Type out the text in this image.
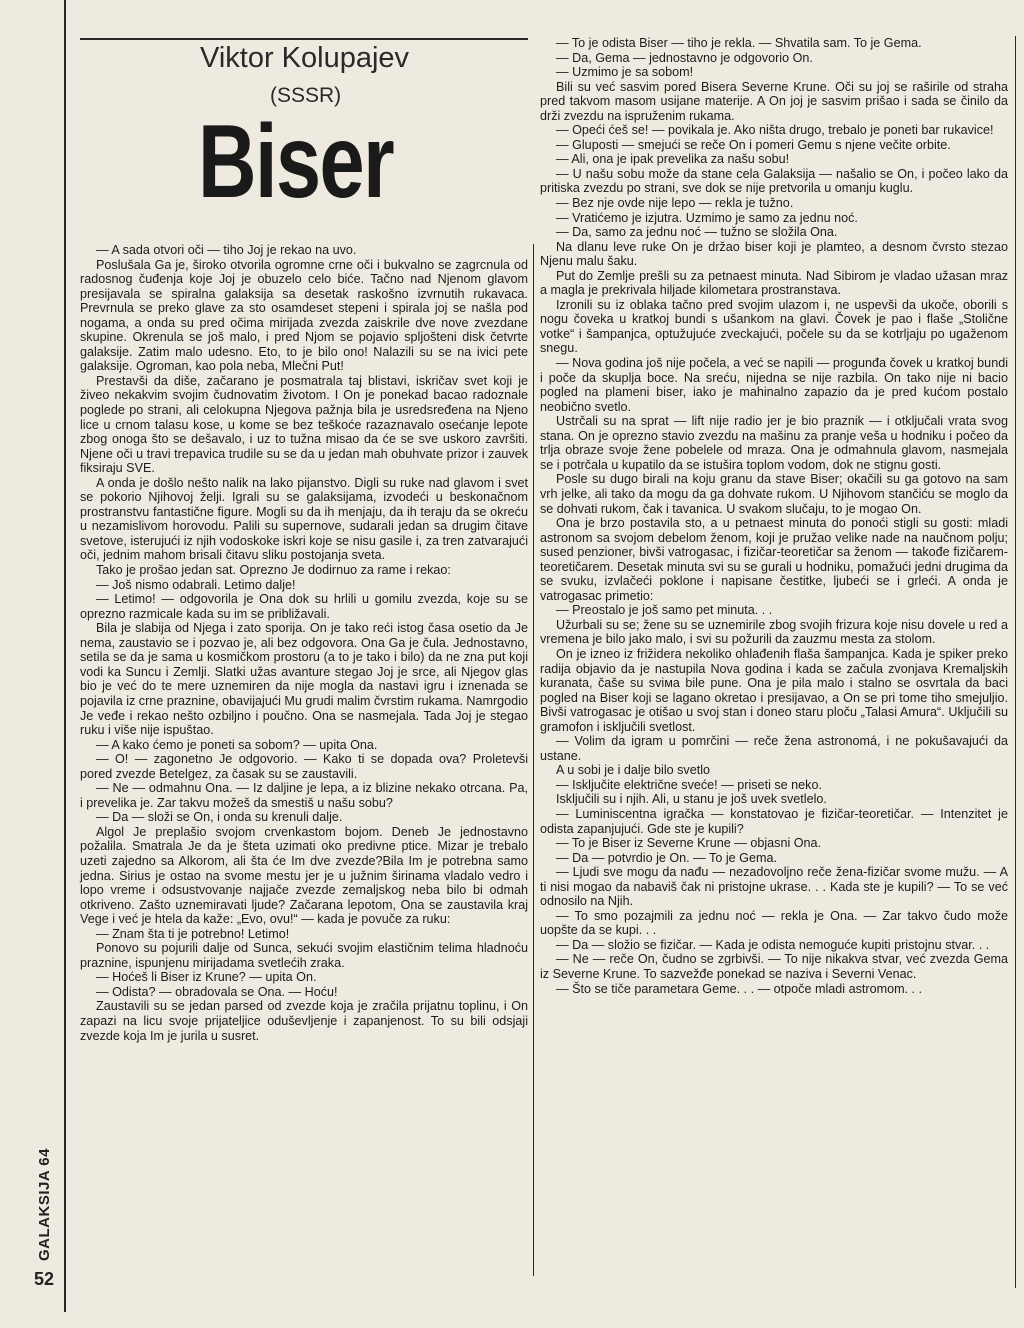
GALAKSIJA 64
52
Viktor Kolupajev
(SSSR)
Biser

— A sada otvori oči — tiho Joj je rekao na uvo.

Poslušala Ga je, široko otvorila ogromne crne oči i bukvalno se zagrcnula od radosnog čuđenja koje Joj je obuzelo celo biće. Tačno nad Njenom glavom presijavala se spiralna galaksija sa desetak raskošno izvrnutih rukavaca. Prevrnula se preko glave za sto osamdeset stepeni i spirala joj se našla pod nogama, a onda su pred očima mirijada zvezda zaiskrile dve nove zvezdane skupine. Okrenula se još malo, i pred Njom se pojavio spljošteni disk četvrte galaksije. Zatim malo udesno. Eto, to je bilo ono! Nalazili su se na ivici pete galaksije. Ogroman, kao pola neba, Mlečni Put!

Prestavši da diše, začarano je posmatrala taj blistavi, iskričav svet koji je živeo nekakvim svojim čudnovatim životom. I On je ponekad bacao radoznale poglede po strani, ali celokupna Njegova pažnja bila je usredsređena na Njeno lice u crnom talasu kose, u kome se bez teškoće razaznavalo osećanje lepote zbog onoga što se dešavalo, i uz to tužna misao da će se sve uskoro završiti. Njene oči u travi trepavica trudile su se da u jedan mah obuhvate prizor i zauvek fiksiraju SVE.

A onda je došlo nešto nalik na lako pijanstvo. Digli su ruke nad glavom i svet se pokorio Njihovoj želji. Igrali su se galaksijama, izvodeći u beskonačnom prostranstvu fantastične figure. Mogli su da ih menjaju, da ih teraju da se okreću u nezamislivom horovodu. Palili su supernove, sudarali jedan sa drugim čitave svetove, isterujući iz njih vodoskoke iskri koje se nisu gasile i, za tren zatvarajući oči, jednim mahom brisali čitavu sliku postojanja sveta.

Tako je prošao jedan sat. Oprezno Je dodirnuo za rame i rekao:

— Još nismo odabrali. Letimo dalje!

— Letimo! — odgovorila je Ona dok su hrlili u gomilu zvezda, koje su se oprezno razmicale kada su im se približavali.

Bila je slabija od Njega i zato sporija. On je tako reći istog časa osetio da Je nema, zaustavio se i pozvao je, ali bez odgovora. Ona Ga je čula. Jednostavno, setila se da je sama u kosmičkom prostoru (a to je tako i bilo) da ne zna put koji vodi ka Suncu i Zemlji. Slatki užas avanture stegao Joj je srce, ali Njegov glas bio je već do te mere uznemiren da nije mogla da nastavi igru i iznenada se pojavila iz crne praznine, obavijajući Mu grudi malim čvrstim rukama. Namrgodio Je veđe i rekao nešto ozbiljno i poučno. Ona se nasmejala. Tada Joj je stegao ruku i više nije ispuštao.

— A kako ćemo je poneti sa sobom? — upita Ona.

— O! — zagonetno Je odgovorio. — Kako ti se dopada ova? Proletevši pored zvezde Betelgez, za časak su se zaustavili.

— Ne — odmahnu Ona. — Iz daljine je lepa, a iz blizine nekako otrcana. Pa, i prevelika je. Zar takvu možeš da smestiš u našu sobu?

— Da — složi se On, i onda su krenuli dalje.

Algol Je preplašio svojom crvenkastom bojom. Deneb Je jednostavno požalila. Smatrala Je da je šteta uzimati oko predivne ptice. Mizar je trebalo uzeti zajedno sa Alkorom, ali šta će Im dve zvezde?Bila Im je potrebna samo jedna. Sirius je ostao na svome mestu jer je u južnim širinama vladalo vedro i lopo vreme i odsustvovanje najjače zvezde zemaljskog neba bilo bi odmah otkriveno. Zašto uznemiravati ljude? Začarana lepotom, Ona se zaustavila kraj Vege i već je htela da kaže: „Evo, ovu!“ — kada je povuče za ruku:

— Znam šta ti je potrebno! Letimo!

Ponovo su pojurili dalje od Sunca, sekući svojim elastičnim telima hladnoću praznine, ispunjenu mirijadama svetlećih zraka.

— Hoćeš li Biser iz Krune? — upita On.

— Odista? — obradovala se Ona. — Hoću!

Zaustavili su se jedan parsed od zvezde koja je zračila prijatnu toplinu, i On zapazi na licu svoje prijateljice oduševljenje i zapanjenost. To su bili odsjaji zvezde koja Im je jurila u susret.

— To je odista Biser — tiho je rekla. — Shvatila sam. To je Gema.

— Da, Gema — jednostavno je odgovorio On.

— Uzmimo je sa sobom!

Bili su već sasvim pored Bisera Severne Krune. Oči su joj se raširile od straha pred takvom masom usijane materije. A On joj je sasvim prišao i sada se činilo da drži zvezdu na ispruženim rukama.

— Opeći ćeš se! — povikala je. Ako ništa drugo, trebalo je poneti bar rukavice!

— Gluposti — smejući se reče On i pomeri Gemu s njene večite orbite.

— Ali, ona je ipak prevelika za našu sobu!

— U našu sobu može da stane cela Galaksija — našalio se On, i počeo lako da pritiska zvezdu po strani, sve dok se nije pretvorila u omanju kuglu.

— Bez nje ovde nije lepo — rekla je tužno.

— Vratićemo je izjutra. Uzmimo je samo za jednu noć.

— Da, samo za jednu noć — tužno se složila Ona.

Na dlanu leve ruke On je držao biser koji je plamteo, a desnom čvrsto stezao Njenu malu šaku.

Put do Zemlje prešli su za petnaest minuta. Nad Sibirom je vladao užasan mraz a magla je prekrivala hiljade kilometara prostranstava.

Izronili su iz oblaka tačno pred svojim ulazom i, ne uspevši da ukoče, oborili s nogu čoveka u kratkoj bundi s ušankom na glavi. Čovek je pao i flaše „Stolične votke“ i šampanjca, optužujuće zveckajući, počele su da se kotrljaju po ugaženom snegu.

— Nova godina još nije počela, a već se napili — progunđa čovek u kratkoj bundi i poče da skuplja boce. Na sreću, nijedna se nije razbila. On tako nije ni bacio pogled na plameni biser, iako je mahinalno zapazio da je pred kućom postalo neobično svetlo.

Ustrčali su na sprat — lift nije radio jer je bio praznik — i otključali vrata svog stana. On je oprezno stavio zvezdu na mašinu za pranje veša u hodniku i počeo da trlja obraze svoje žene pobelele od mraza. Ona je odmahnula glavom, nasmejala se i potrčala u kupatilo da se istušira toplom vodom, dok ne stignu gosti.

Posle su dugo birali na koju granu da stave Biser; okačili su ga gotovo na sam vrh jelke, ali tako da mogu da ga dohvate rukom. U Njihovom stančiću se moglo da se dohvati rukom, čak i tavanica. U svakom slučaju, to je mogao On.

Ona je brzo postavila sto, a u petnaest minuta do ponoći stigli su gosti: mladi astronom sa svojom debelom ženom, koji je pružao velike nade na naučnom polju; sused penzioner, bivši vatrogasac, i fizičar-teoretičar sa ženom — takođe fizičarem-teoretičarem. Desetak minuta svi su se gurali u hodniku, pomažući jedni drugima da se svuku, izvlačeći poklone i napisane čestitke, ljubeći se i grleći. A onda je vatrogasac primetio:

— Preostalo je još samo pet minuta. . .

Užurbali su se; žene su se uznemirile zbog svojih frizura koje nisu dovele u red a vremena je bilo jako malo, i svi su požurili da zauzmu mesta za stolom.

On je izneo iz frižidera nekoliko ohlađenih flaša šampanjca. Kada je spiker preko radija objavio da je nastupila Nova godina i kada se začula zvonjava Kremaljskih kuranata, čaše su sviма bile pune. Ona je pila malo i stalno se osvrtala da baci pogled na Biser koji se lagano okretao i presijavao, a On se pri tome tiho smejuljio. Bivši vatrogasac je otišao u svoj stan i doneo staru ploču „Talasi Amura“. Uključili su gramofon i isključili svetlost.

— Volim da igram u pomrčini — reče žena astronomá, i ne pokušavajući da ustane.

A u sobi je i dalje bilo svetlo

— Isključite električne sveće! — priseti se neko.

Isključili su i njih. Ali, u stanu je još uvek svetlelo.

— Luminiscentna igračka — konstatovao je fizičar-teoretičar. — Intenzitet je odista zapanjujući. Gde ste je kupili?

— To je Biser iz Severne Krune — objasni Ona.

— Da — potvrdio je On. — To je Gema.

— Ljudi sve mogu da nađu — nezadovoljno reče žena-fizičar svome mužu. — A ti nisi mogao da nabaviš čak ni pristojne ukrase. . . Kada ste je kupili? — To se već odnosilo na Njih.

— To smo pozajmili za jednu noć — rekla je Ona. — Zar takvo čudo može uopšte da se kupi. . .

— Da — složio se fizičar. — Kada je odista nemoguće kupiti pristojnu stvar. . .

— Ne — reče On, čudno se zgrbivši. — To nije nikakva stvar, već zvezda Gema iz Severne Krune. To sazvežđe ponekad se naziva i Severni Venac.

— Što se tiče parametara Geme. . . — otpoče mladi astromom. . .
